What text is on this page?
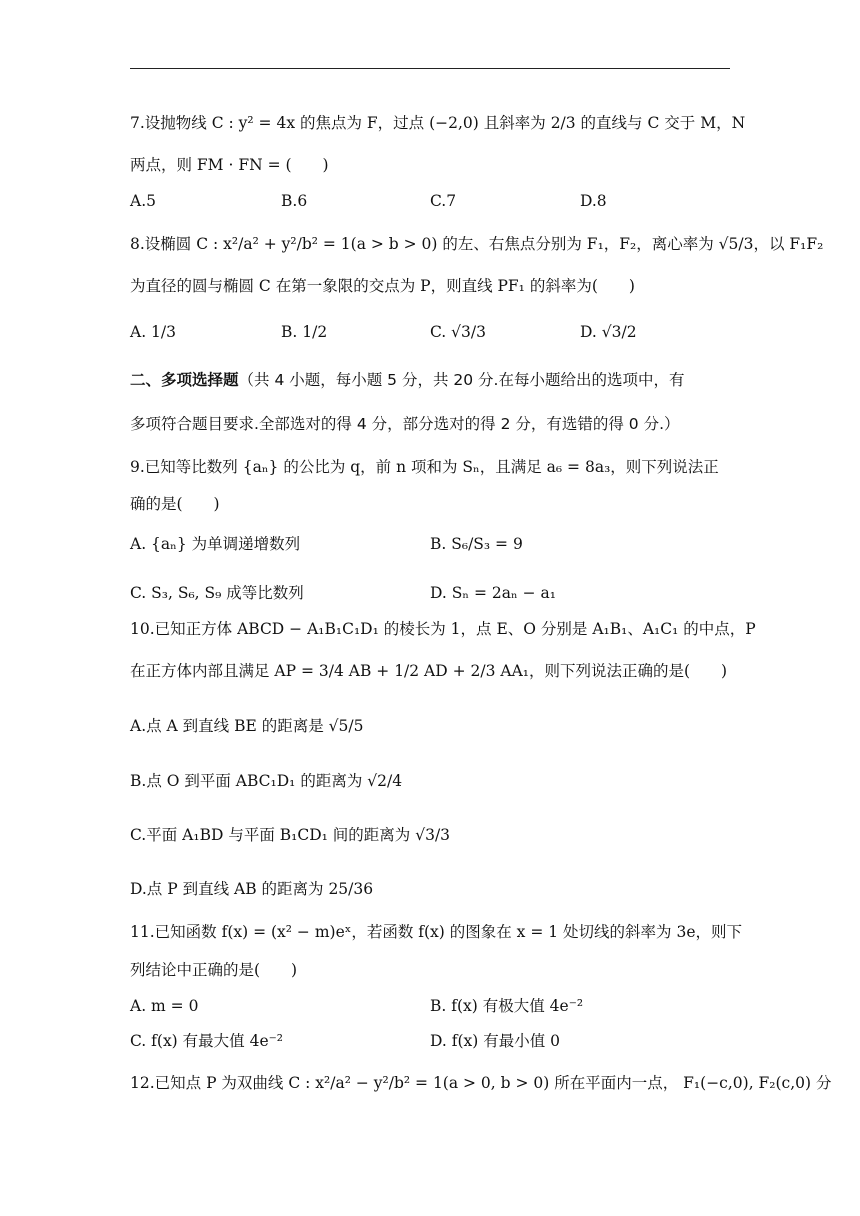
7.设抛物线 C : y² = 4x 的焦点为 F，过点 (−2,0) 且斜率为 2/3 的直线与 C 交于 M，N
两点，则 FM · FN = (　　)
A.5	B.6	C.7	D.8
8.设椭圆 C : x²/a² + y²/b² = 1(a > b > 0) 的左、右焦点分别为 F₁，F₂，离心率为 √5/3，以 F₁F₂
为直径的圆与椭圆 C 在第一象限的交点为 P，则直线 PF₁ 的斜率为(　　)
A. 1/3	B. 1/2	C. √3/3	D. √3/2
二、多项选择题（共 4 小题，每小题 5 分，共 20 分.在每小题给出的选项中，有
多项符合题目要求.全部选对的得 4 分，部分选对的得 2 分，有选错的得 0 分.）
9.已知等比数列 {aₙ} 的公比为 q，前 n 项和为 Sₙ，且满足 a₆ = 8a₃，则下列说法正
确的是(　　)
A. {aₙ} 为单调递增数列	B. S₆/S₃ = 9
C. S₃, S₆, S₉ 成等比数列	D. Sₙ = 2aₙ − a₁
10.已知正方体 ABCD − A₁B₁C₁D₁ 的棱长为 1，点 E、O 分别是 A₁B₁、A₁C₁ 的中点，P
在正方体内部且满足 AP = 3/4 AB + 1/2 AD + 2/3 AA₁，则下列说法正确的是(　　)
A.点 A 到直线 BE 的距离是 √5/5
B.点 O 到平面 ABC₁D₁ 的距离为 √2/4
C.平面 A₁BD 与平面 B₁CD₁ 间的距离为 √3/3
D.点 P 到直线 AB 的距离为 25/36
11.已知函数 f(x) = (x² − m)eˣ，若函数 f(x) 的图象在 x = 1 处切线的斜率为 3e，则下
列结论中正确的是(　　)
A. m = 0	B. f(x) 有极大值 4e⁻²
C. f(x) 有最大值 4e⁻²	D. f(x) 有最小值 0
12.已知点 P 为双曲线 C : x²/a² − y²/b² = 1(a > 0, b > 0) 所在平面内一点， F₁(−c,0), F₂(c,0) 分
